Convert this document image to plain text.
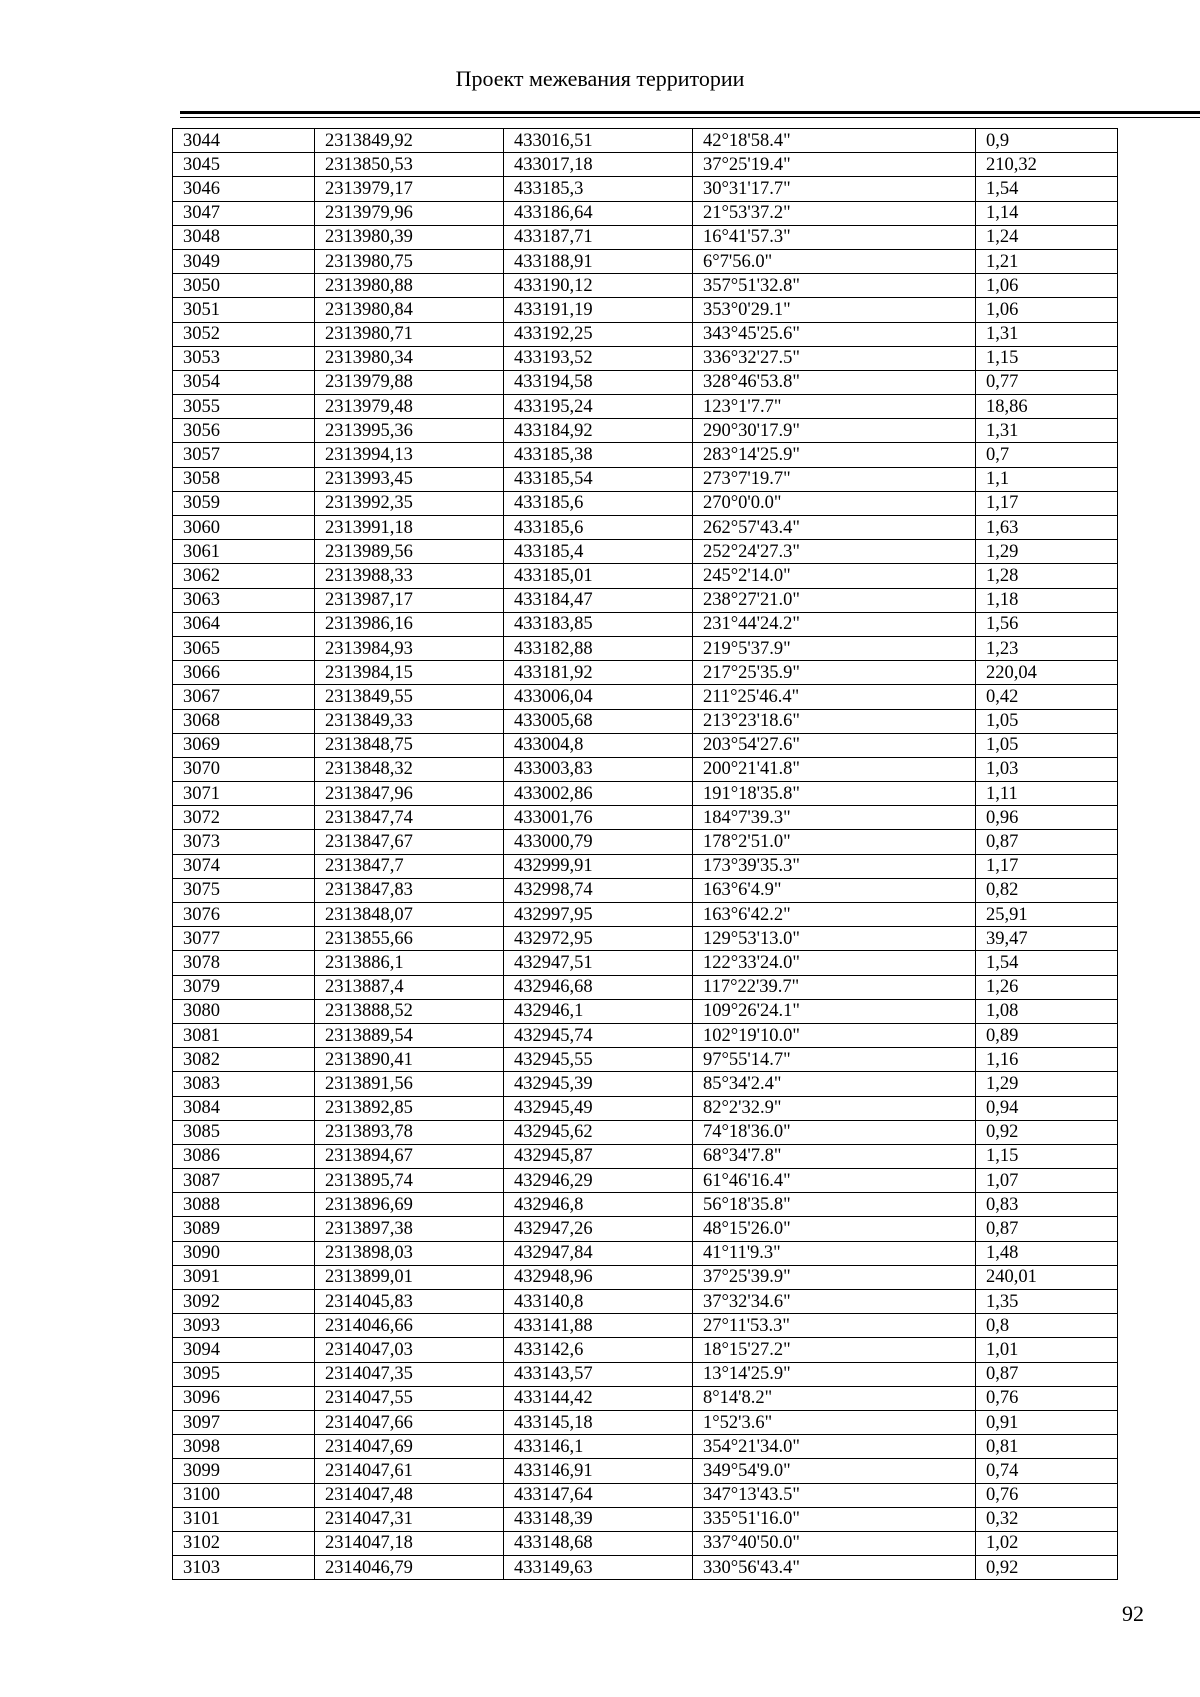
Проект межевания территории
3044	2313849,92	433016,51	42°18'58.4"	0,9
3045	2313850,53	433017,18	37°25'19.4"	210,32
3046	2313979,17	433185,3	30°31'17.7"	1,54
3047	2313979,96	433186,64	21°53'37.2"	1,14
3048	2313980,39	433187,71	16°41'57.3"	1,24
3049	2313980,75	433188,91	6°7'56.0"	1,21
3050	2313980,88	433190,12	357°51'32.8"	1,06
3051	2313980,84	433191,19	353°0'29.1"	1,06
3052	2313980,71	433192,25	343°45'25.6"	1,31
3053	2313980,34	433193,52	336°32'27.5"	1,15
3054	2313979,88	433194,58	328°46'53.8"	0,77
3055	2313979,48	433195,24	123°1'7.7"	18,86
3056	2313995,36	433184,92	290°30'17.9"	1,31
3057	2313994,13	433185,38	283°14'25.9"	0,7
3058	2313993,45	433185,54	273°7'19.7"	1,1
3059	2313992,35	433185,6	270°0'0.0"	1,17
3060	2313991,18	433185,6	262°57'43.4"	1,63
3061	2313989,56	433185,4	252°24'27.3"	1,29
3062	2313988,33	433185,01	245°2'14.0"	1,28
3063	2313987,17	433184,47	238°27'21.0"	1,18
3064	2313986,16	433183,85	231°44'24.2"	1,56
3065	2313984,93	433182,88	219°5'37.9"	1,23
3066	2313984,15	433181,92	217°25'35.9"	220,04
3067	2313849,55	433006,04	211°25'46.4"	0,42
3068	2313849,33	433005,68	213°23'18.6"	1,05
3069	2313848,75	433004,8	203°54'27.6"	1,05
3070	2313848,32	433003,83	200°21'41.8"	1,03
3071	2313847,96	433002,86	191°18'35.8"	1,11
3072	2313847,74	433001,76	184°7'39.3"	0,96
3073	2313847,67	433000,79	178°2'51.0"	0,87
3074	2313847,7	432999,91	173°39'35.3"	1,17
3075	2313847,83	432998,74	163°6'4.9"	0,82
3076	2313848,07	432997,95	163°6'42.2"	25,91
3077	2313855,66	432972,95	129°53'13.0"	39,47
3078	2313886,1	432947,51	122°33'24.0"	1,54
3079	2313887,4	432946,68	117°22'39.7"	1,26
3080	2313888,52	432946,1	109°26'24.1"	1,08
3081	2313889,54	432945,74	102°19'10.0"	0,89
3082	2313890,41	432945,55	97°55'14.7"	1,16
3083	2313891,56	432945,39	85°34'2.4"	1,29
3084	2313892,85	432945,49	82°2'32.9"	0,94
3085	2313893,78	432945,62	74°18'36.0"	0,92
3086	2313894,67	432945,87	68°34'7.8"	1,15
3087	2313895,74	432946,29	61°46'16.4"	1,07
3088	2313896,69	432946,8	56°18'35.8"	0,83
3089	2313897,38	432947,26	48°15'26.0"	0,87
3090	2313898,03	432947,84	41°11'9.3"	1,48
3091	2313899,01	432948,96	37°25'39.9"	240,01
3092	2314045,83	433140,8	37°32'34.6"	1,35
3093	2314046,66	433141,88	27°11'53.3"	0,8
3094	2314047,03	433142,6	18°15'27.2"	1,01
3095	2314047,35	433143,57	13°14'25.9"	0,87
3096	2314047,55	433144,42	8°14'8.2"	0,76
3097	2314047,66	433145,18	1°52'3.6"	0,91
3098	2314047,69	433146,1	354°21'34.0"	0,81
3099	2314047,61	433146,91	349°54'9.0"	0,74
3100	2314047,48	433147,64	347°13'43.5"	0,76
3101	2314047,31	433148,39	335°51'16.0"	0,32
3102	2314047,18	433148,68	337°40'50.0"	1,02
3103	2314046,79	433149,63	330°56'43.4"	0,92
92
